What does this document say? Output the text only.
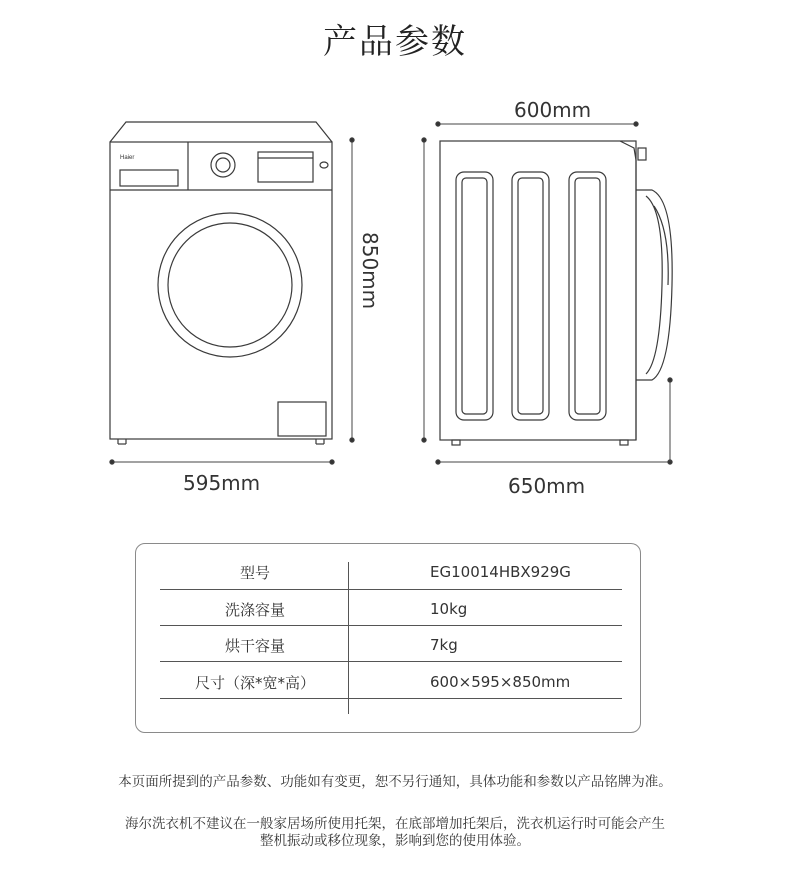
产品参数
Haier
600mm
850mm
595mm	650mm
型号	EG10014HBX929G
洗涤容量	10kg
烘干容量	7kg
尺寸（深*宽*高）	600×595×850mm
本页面所提到的产品参数、功能如有变更，恕不另行通知，具体功能和参数以产品铭牌为准。
海尔洗衣机不建议在一般家居场所使用托架，在底部增加托架后，洗衣机运行时可能会产生
整机振动或移位现象，影响到您的使用体验。
